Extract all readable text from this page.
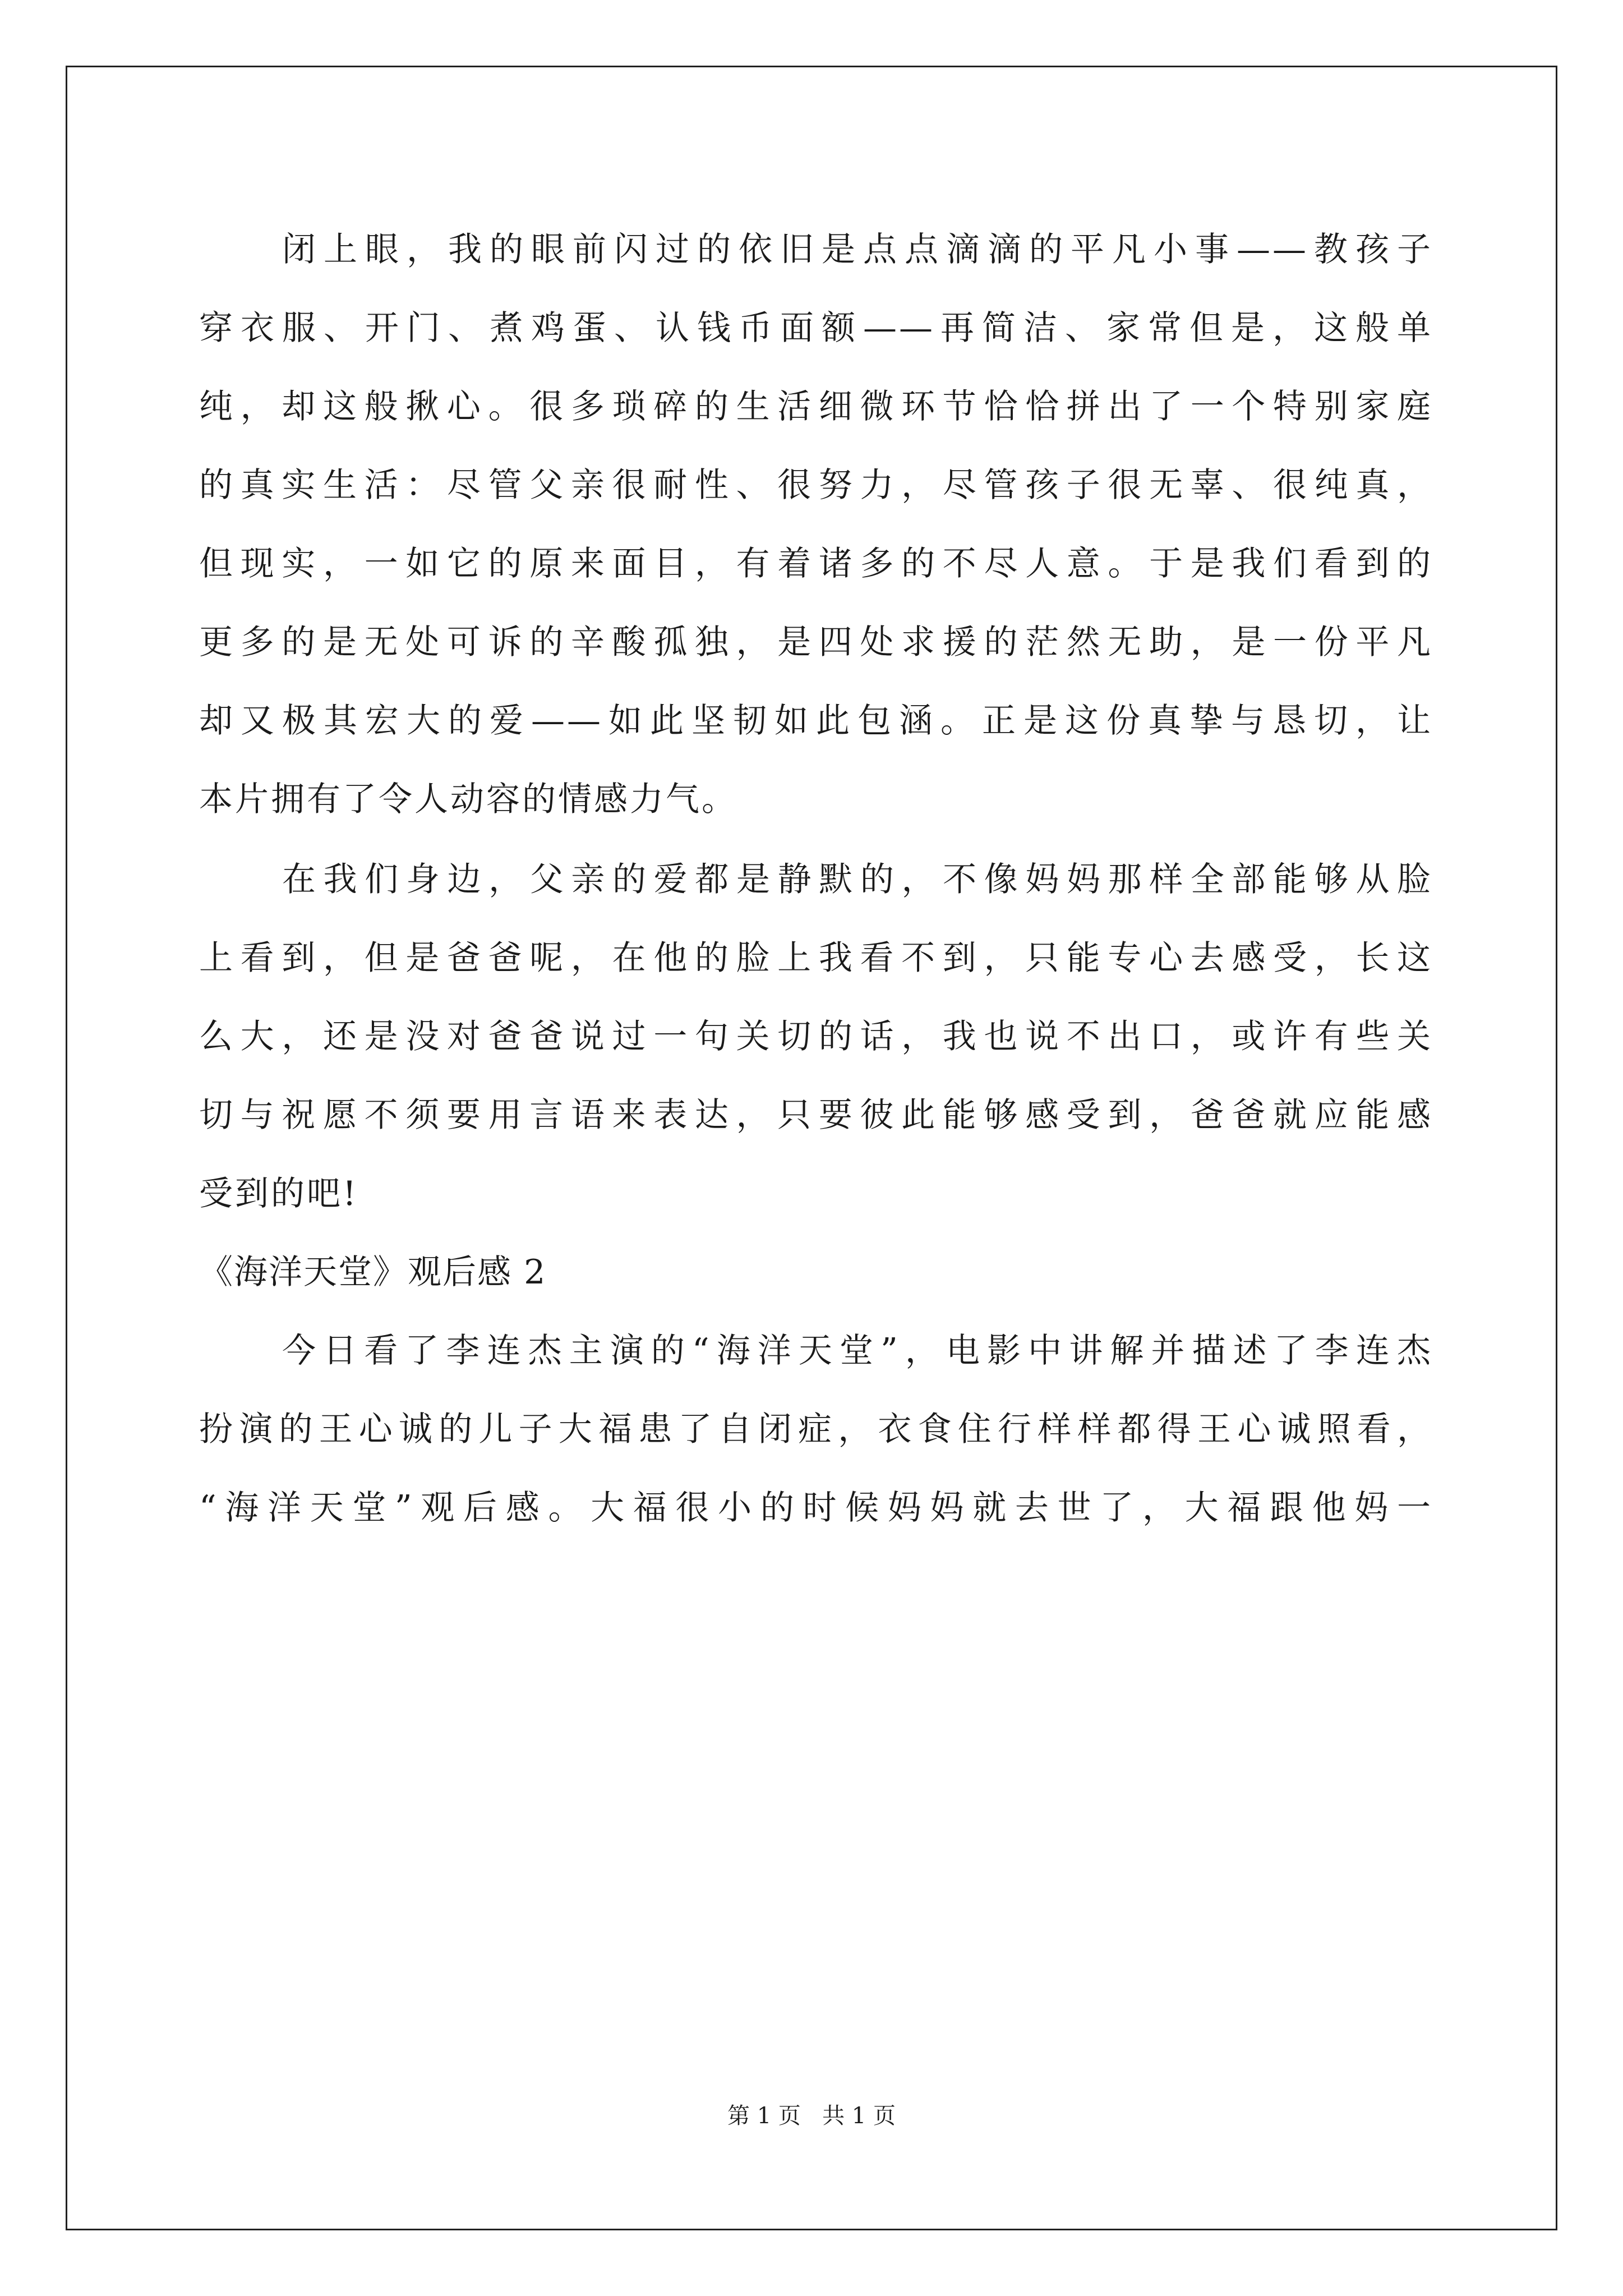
闭上眼，我的眼前闪过的依旧是点点滴滴的平凡小事——教孩子
穿衣服、开门、煮鸡蛋、认钱币面额——再简洁、家常但是，这般单
纯，却这般揪心。很多琐碎的生活细微环节恰恰拼出了一个特别家庭
的真实生活：尽管父亲很耐性、很努力，尽管孩子很无辜、很纯真，
但现实，一如它的原来面目，有着诸多的不尽人意。于是我们看到的
更多的是无处可诉的辛酸孤独，是四处求援的茫然无助，是一份平凡
却又极其宏大的爱——如此坚韧如此包涵。正是这份真挚与恳切，让
本片拥有了令人动容的情感力气。
在我们身边，父亲的爱都是静默的，不像妈妈那样全部能够从脸
上看到，但是爸爸呢，在他的脸上我看不到，只能专心去感受，长这
么大，还是没对爸爸说过一句关切的话，我也说不出口，或许有些关
切与祝愿不须要用言语来表达，只要彼此能够感受到，爸爸就应能感
受到的吧!
《海洋天堂》观后感 2
今日看了李连杰主演的“海洋天堂”，电影中讲解并描述了李连杰
扮演的王心诚的儿子大福患了自闭症，衣食住行样样都得王心诚照看，
“海洋天堂”观后感。大福很小的时候妈妈就去世了，大福跟他妈一
第 1 页   共 1 页
